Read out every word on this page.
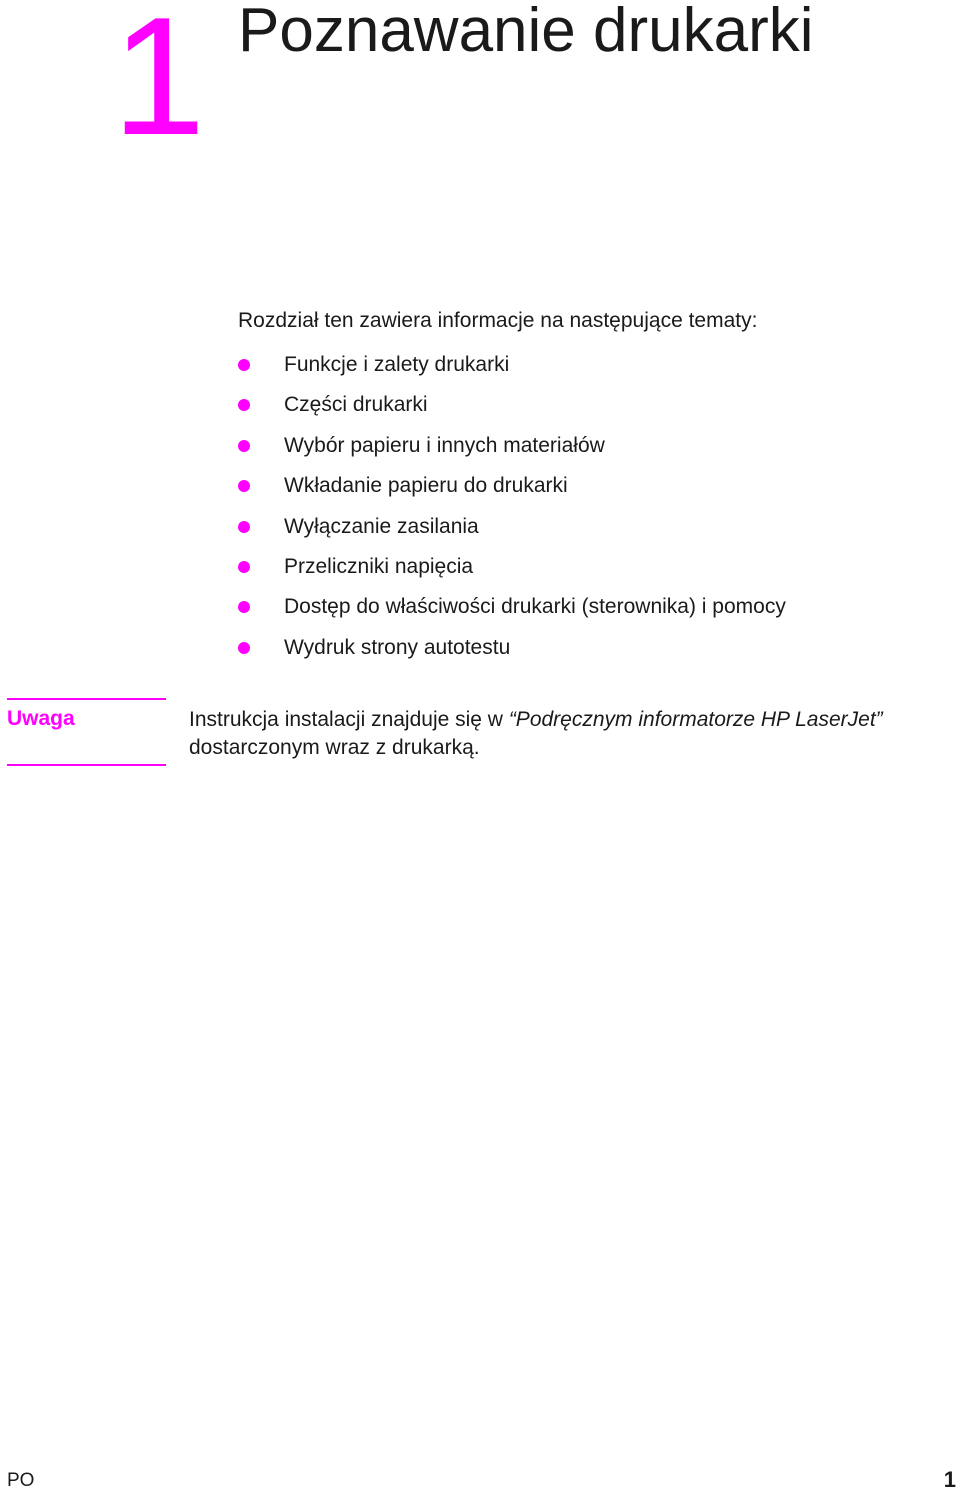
1 Poznawanie drukarki

Rozdział ten zawiera informacje na następujące tematy:

Funkcje i zalety drukarki
Części drukarki
Wybór papieru i innych materiałów
Wkładanie papieru do drukarki
Wyłączanie zasilania
Przeliczniki napięcia
Dostęp do właściwości drukarki (sterownika) i pomocy
Wydruk strony autotestu
Uwaga	Instrukcja instalacji znajduje się w “Podręcznym informatorze HP LaserJet”
dostarczonym wraz z drukarką.
PO	1
